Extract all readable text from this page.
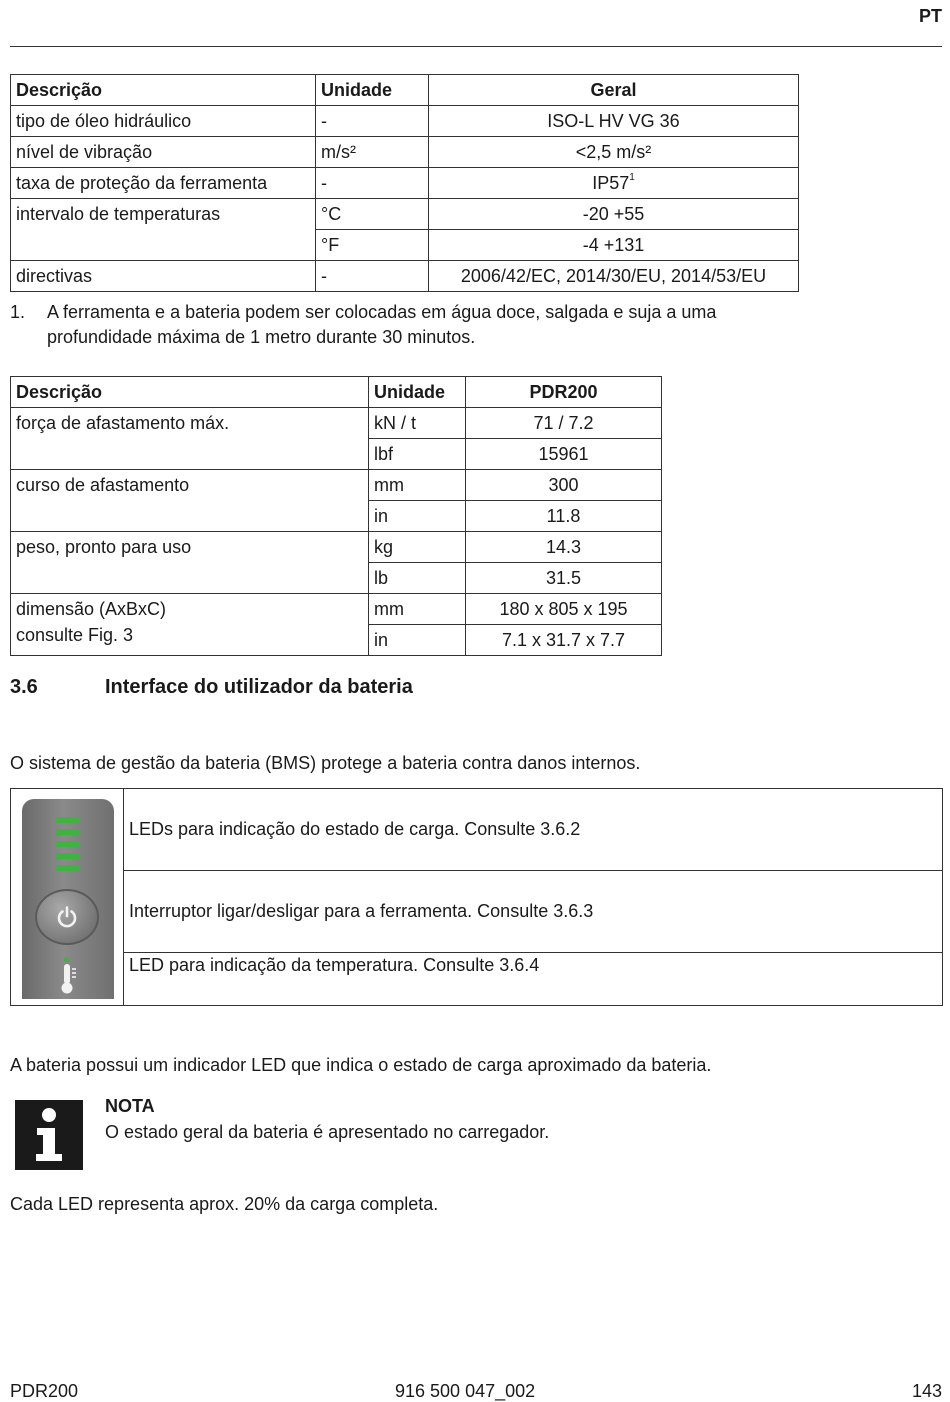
PT
Descrição	Unidade	Geral
tipo de óleo hidráulico	-	ISO-L HV VG 36
nível de vibração	m/s²	<2,5 m/s²
taxa de proteção da ferramenta	-	$IP57^1$
intervalo de temperaturas	°C	-20 +55
	°F	-4 +131
directivas	-	2006/42/EC, 2014/30/EU, 2014/53/EU
1. A ferramenta e a bateria podem ser colocadas em água doce, salgada e suja a uma profundidade máxima de 1 metro durante 30 minutos.
Descrição	Unidade	PDR200
força de afastamento máx.	kN / t	71 / 7.2
	lbf	15961
curso de afastamento	mm	300
	in	11.8
peso, pronto para uso	kg	14.3
	lb	31.5

dimensão (AxBxC)
consulte Fig. 3	mm	180 x 805 x 195
	in	7.1 x 31.7 x 7.7
3.6	Interface do utilizador da bateria
O sistema de gestão da bateria (BMS) protege a bateria contra danos internos.
	LEDs para indicação do estado de carga. Consulte 3.6.2
Interruptor ligar/desligar para a ferramenta. Consulte 3.6.3
LED para indicação da temperatura. Consulte 3.6.4
A bateria possui um indicador LED que indica o estado de carga aproximado da bateria.
NOTA
O estado geral da bateria é apresentado no carregador.
Cada LED representa aprox. 20% da carga completa.
PDR200	916 500 047_002	143
